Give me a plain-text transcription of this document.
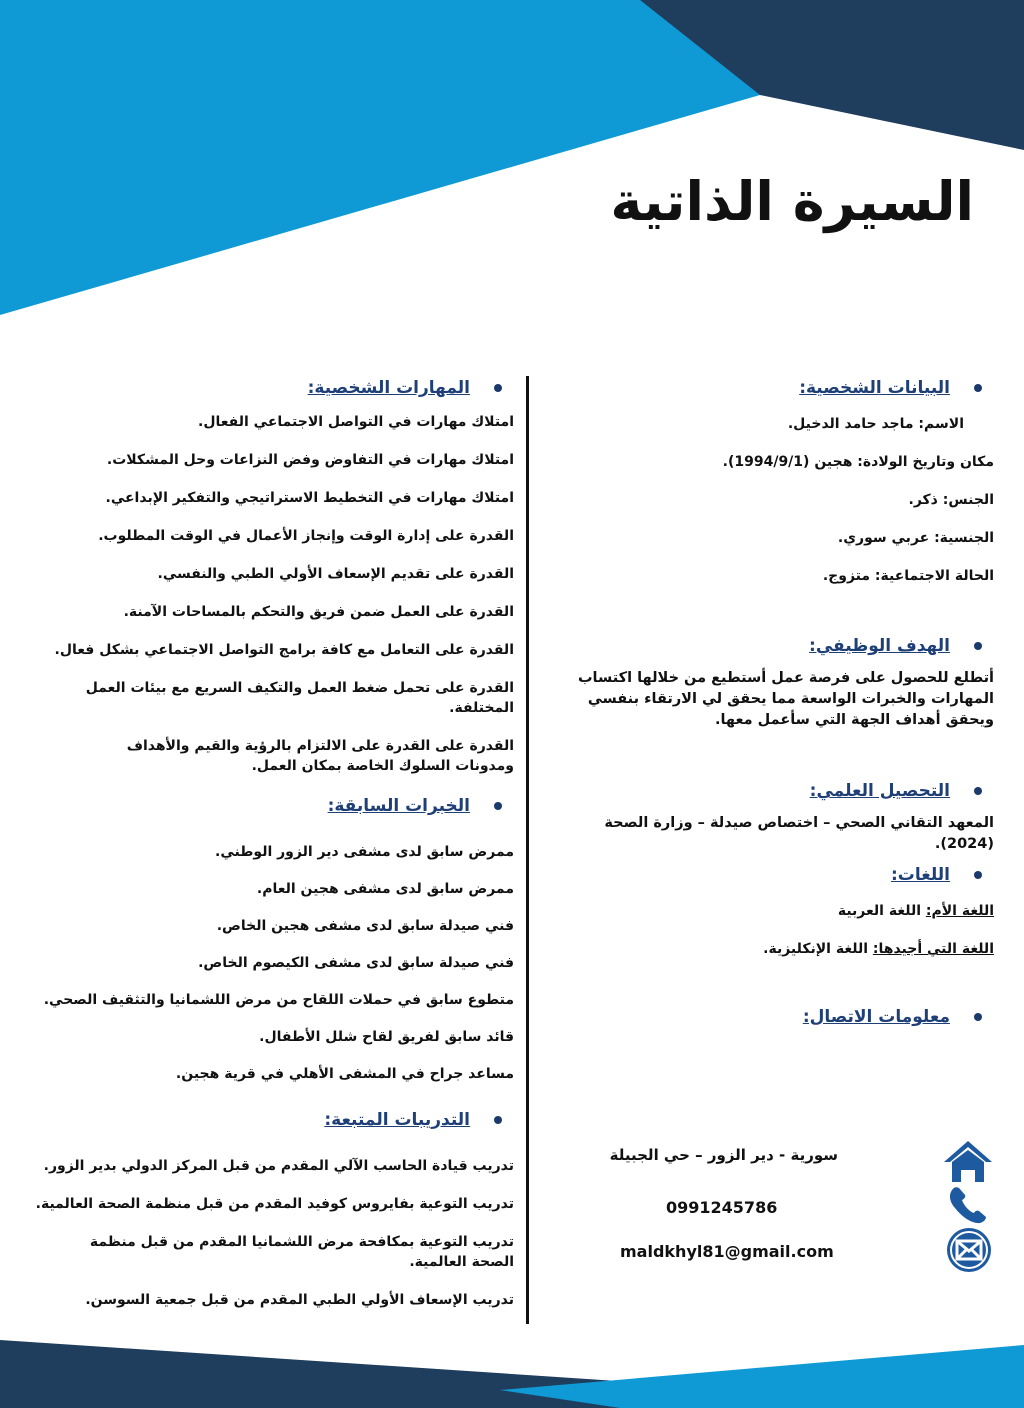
السيرة الذاتية
البيانات الشخصية:

الاسم: ماجد حامد الدخيل.

مكان وتاريخ الولادة: هجين (1994/9/1).

الجنس: ذكر.

الجنسية: عربي سوري.

الحالة الاجتماعية: متزوج.

الهدف الوظيفي:

أتطلع للحصول على فرصة عمل أستطيع من خلالها اكتساب المهارات والخبرات الواسعة مما يحقق لي الارتقاء بنفسي ويحقق أهداف الجهة التي سأعمل معها.

التحصيل العلمي:

المعهد التقاني الصحي – اختصاص صيدلة – وزارة الصحة (2024).

اللغات:

اللغة الأم: اللغة العربية

اللغة التي أجيدها: اللغة الإنكليزية.

معلومات الاتصال:
سورية - دير الزور – حي الجبيلة
0991245786
maldkhyl81@gmail.com
المهارات الشخصية:

امتلاك مهارات في التواصل الاجتماعي الفعال.

امتلاك مهارات في التفاوض وفض النزاعات وحل المشكلات.

امتلاك مهارات في التخطيط الاستراتيجي والتفكير الإبداعي.

القدرة على إدارة الوقت وإنجاز الأعمال في الوقت المطلوب.

القدرة على تقديم الإسعاف الأولي الطبي والنفسي.

القدرة على العمل ضمن فريق والتحكم بالمساحات الآمنة.

القدرة على التعامل مع كافة برامج التواصل الاجتماعي بشكل فعال.

القدرة على تحمل ضغط العمل والتكيف السريع مع بيئات العمل المختلفة.

القدرة على القدرة على الالتزام بالرؤية والقيم والأهداف ومدونات السلوك الخاصة بمكان العمل.

الخبرات السابقة:

ممرض سابق لدى مشفى دير الزور الوطني.

ممرض سابق لدى مشفى هجين العام.

فني صيدلة سابق لدى مشفى هجين الخاص.

فني صيدلة سابق لدى مشفى الكيصوم الخاص.

متطوع سابق في حملات اللقاح من مرض اللشمانيا والتثقيف الصحي.

قائد سابق لفريق لقاح شلل الأطفال.

مساعد جراح في المشفى الأهلي في قرية هجين.

التدريبات المتبعة:

تدريب قيادة الحاسب الآلي المقدم من قبل المركز الدولي بدير الزور.

تدريب التوعية بفايروس كوفيد المقدم من قبل منظمة الصحة العالمية.

تدريب التوعية بمكافحة مرض اللشمانيا المقدم من قبل منظمة الصحة العالمية.

تدريب الإسعاف الأولي الطبي المقدم من قبل جمعية السوسن.
